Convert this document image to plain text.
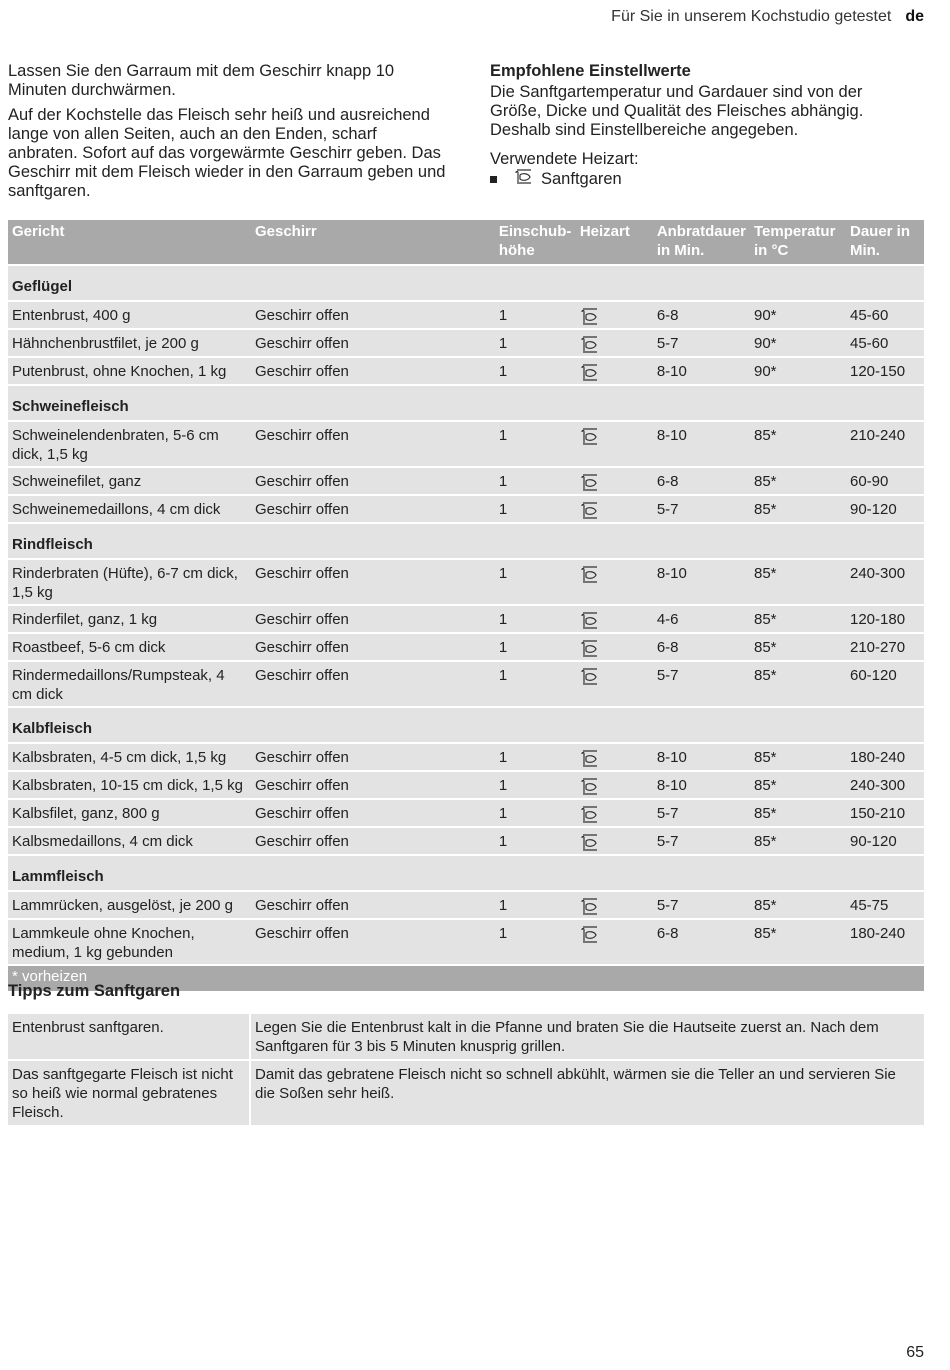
Für Sie in unserem Kochstudio getestet de

Lassen Sie den Garraum mit dem Geschirr knapp 10 Minuten durchwärmen.

Auf der Kochstelle das Fleisch sehr heiß und ausreichend lange von allen Seiten, auch an den Enden, scharf anbraten. Sofort auf das vorgewärmte Geschirr geben. Das Geschirr mit dem Fleisch wieder in den Garraum geben und sanftgaren.

Empfohlene Einstellwerte

Die Sanftgartemperatur und Gardauer sind von der Größe, Dicke und Qualität des Fleisches abhängig. Deshalb sind Einstellbereiche angegeben.

Verwendete Heizart:
Sanftgaren
Gericht	Geschirr	Einschub-höhe	Heizart	Anbratdauer in Min.	Temperatur in °C	Dauer in Min.
Geflügel						
Entenbrust, 400 g	Geschirr offen	1		6-8	90*	45-60
Hähnchenbrustfilet, je 200 g	Geschirr offen	1		5-7	90*	45-60
Putenbrust, ohne Knochen, 1 kg	Geschirr offen	1		8-10	90*	120-150
Schweinefleisch						
Schweinelendenbraten, 5-6 cm dick, 1,5 kg	Geschirr offen	1		8-10	85*	210-240
Schweinefilet, ganz	Geschirr offen	1		6-8	85*	60-90
Schweinemedaillons, 4 cm dick	Geschirr offen	1		5-7	85*	90-120
Rindfleisch						
Rinderbraten (Hüfte), 6-7 cm dick, 1,5 kg	Geschirr offen	1		8-10	85*	240-300
Rinderfilet, ganz, 1 kg	Geschirr offen	1		4-6	85*	120-180
Roastbeef, 5-6 cm dick	Geschirr offen	1		6-8	85*	210-270
Rindermedaillons/Rumpsteak, 4 cm dick	Geschirr offen	1		5-7	85*	60-120
Kalbfleisch						
Kalbsbraten, 4-5 cm dick, 1,5 kg	Geschirr offen	1		8-10	85*	180-240
Kalbsbraten, 10-15 cm dick, 1,5 kg	Geschirr offen	1		8-10	85*	240-300
Kalbsfilet, ganz, 800 g	Geschirr offen	1		5-7	85*	150-210
Kalbsmedaillons, 4 cm dick	Geschirr offen	1		5-7	85*	90-120
Lammfleisch						
Lammrücken, ausgelöst, je 200 g	Geschirr offen	1		5-7	85*	45-75
Lammkeule ohne Knochen, medium, 1 kg gebunden	Geschirr offen	1		6-8	85*	180-240
* vorheizen						
Tipps zum Sanftgaren
Entenbrust sanftgaren.	Legen Sie die Entenbrust kalt in die Pfanne und braten Sie die Hautseite zuerst an. Nach dem Sanftgaren für 3 bis 5 Minuten knusprig grillen.
Das sanftgegarte Fleisch ist nicht so heiß wie normal gebratenes Fleisch.	Damit das gebratene Fleisch nicht so schnell abkühlt, wärmen sie die Teller an und servieren Sie die Soßen sehr heiß.
65
